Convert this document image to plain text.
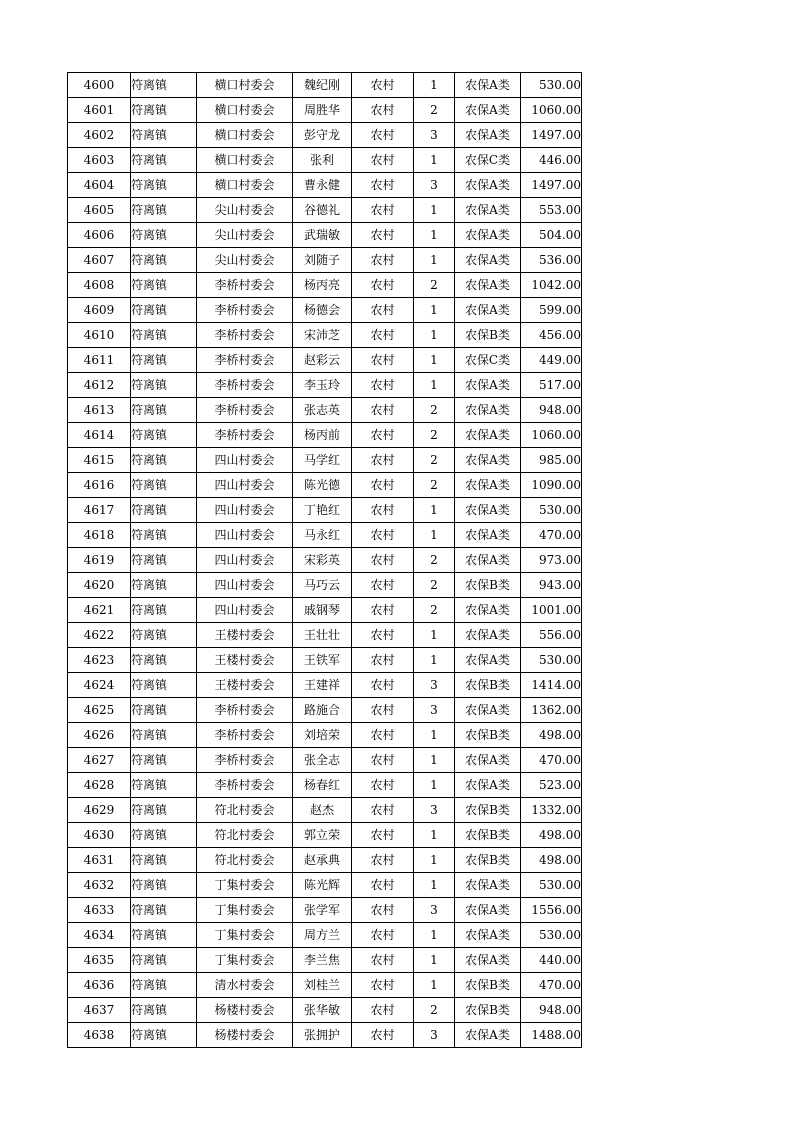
4600	符离镇	横口村委会	魏纪刚	农村	1	农保A类	530.00
4601	符离镇	横口村委会	周胜华	农村	2	农保A类	1060.00
4602	符离镇	横口村委会	彭守龙	农村	3	农保A类	1497.00
4603	符离镇	横口村委会	张利	农村	1	农保C类	446.00
4604	符离镇	横口村委会	曹永健	农村	3	农保A类	1497.00
4605	符离镇	尖山村委会	谷德礼	农村	1	农保A类	553.00
4606	符离镇	尖山村委会	武瑞敏	农村	1	农保A类	504.00
4607	符离镇	尖山村委会	刘随子	农村	1	农保A类	536.00
4608	符离镇	李桥村委会	杨丙亮	农村	2	农保A类	1042.00
4609	符离镇	李桥村委会	杨德会	农村	1	农保A类	599.00
4610	符离镇	李桥村委会	宋沛芝	农村	1	农保B类	456.00
4611	符离镇	李桥村委会	赵彩云	农村	1	农保C类	449.00
4612	符离镇	李桥村委会	李玉玲	农村	1	农保A类	517.00
4613	符离镇	李桥村委会	张志英	农村	2	农保A类	948.00
4614	符离镇	李桥村委会	杨丙前	农村	2	农保A类	1060.00
4615	符离镇	四山村委会	马学红	农村	2	农保A类	985.00
4616	符离镇	四山村委会	陈光德	农村	2	农保A类	1090.00
4617	符离镇	四山村委会	丁艳红	农村	1	农保A类	530.00
4618	符离镇	四山村委会	马永红	农村	1	农保A类	470.00
4619	符离镇	四山村委会	宋彩英	农村	2	农保A类	973.00
4620	符离镇	四山村委会	马巧云	农村	2	农保B类	943.00
4621	符离镇	四山村委会	戚钢琴	农村	2	农保A类	1001.00
4622	符离镇	王楼村委会	王壮壮	农村	1	农保A类	556.00
4623	符离镇	王楼村委会	王铁军	农村	1	农保A类	530.00
4624	符离镇	王楼村委会	王建祥	农村	3	农保B类	1414.00
4625	符离镇	李桥村委会	路施合	农村	3	农保A类	1362.00
4626	符离镇	李桥村委会	刘培荣	农村	1	农保B类	498.00
4627	符离镇	李桥村委会	张全志	农村	1	农保A类	470.00
4628	符离镇	李桥村委会	杨春红	农村	1	农保A类	523.00
4629	符离镇	符北村委会	赵杰	农村	3	农保B类	1332.00
4630	符离镇	符北村委会	郭立荣	农村	1	农保B类	498.00
4631	符离镇	符北村委会	赵承典	农村	1	农保B类	498.00
4632	符离镇	丁集村委会	陈光辉	农村	1	农保A类	530.00
4633	符离镇	丁集村委会	张学军	农村	3	农保A类	1556.00
4634	符离镇	丁集村委会	周方兰	农村	1	农保A类	530.00
4635	符离镇	丁集村委会	李兰焦	农村	1	农保A类	440.00
4636	符离镇	清水村委会	刘桂兰	农村	1	农保B类	470.00
4637	符离镇	杨楼村委会	张华敏	农村	2	农保B类	948.00
4638	符离镇	杨楼村委会	张拥护	农村	3	农保A类	1488.00
